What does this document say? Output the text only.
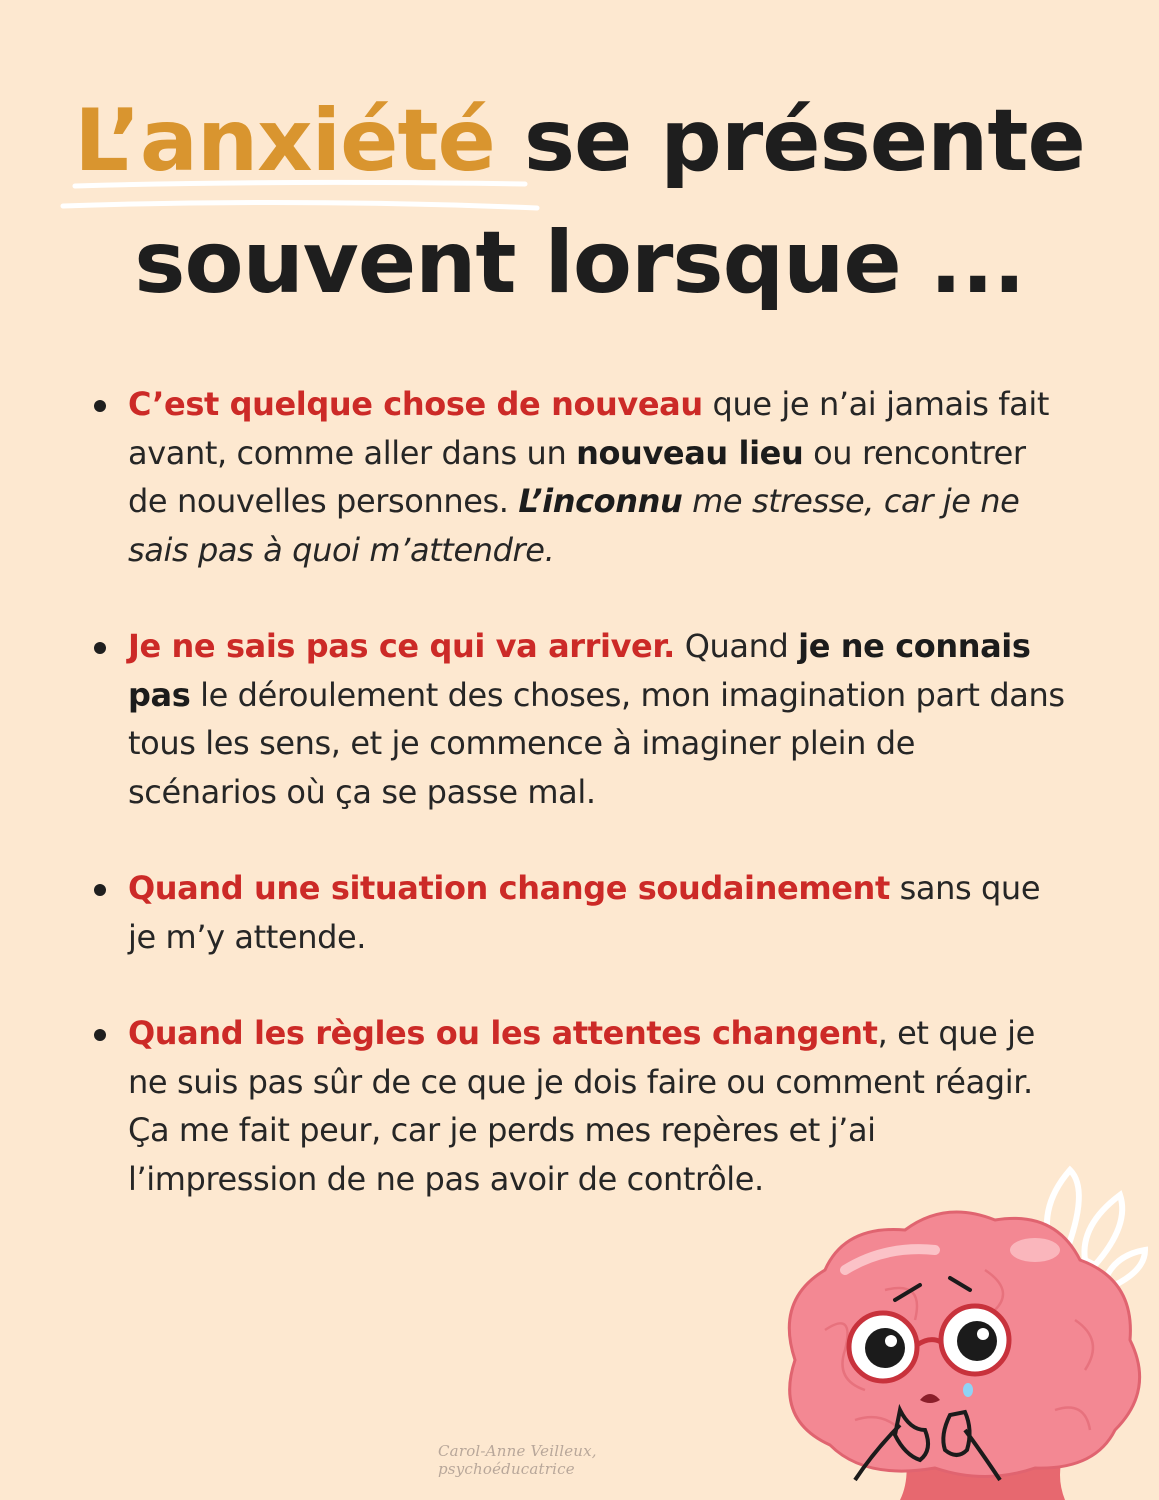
L’anxiété se présente
souvent lorsque ...
C’est quelque chose de nouveau que je n’ai jamais fait avant, comme aller dans un nouveau lieu ou rencontrer de nouvelles personnes. L’inconnu me stresse, car je ne sais pas à quoi m’attendre.
Je ne sais pas ce qui va arriver. Quand je ne connais pas le déroulement des choses, mon imagination part dans tous les sens, et je commence à imaginer plein de scénarios où ça se passe mal.
Quand une situation change soudainement sans que je m’y attende.
Quand les règles ou les attentes changent, et que je ne suis pas sûr de ce que je dois faire ou comment réagir. Ça me fait peur, car je perds mes repères et j’ai l’impression de ne pas avoir de contrôle.
Carol-Anne Veilleux, psychoéducatrice
